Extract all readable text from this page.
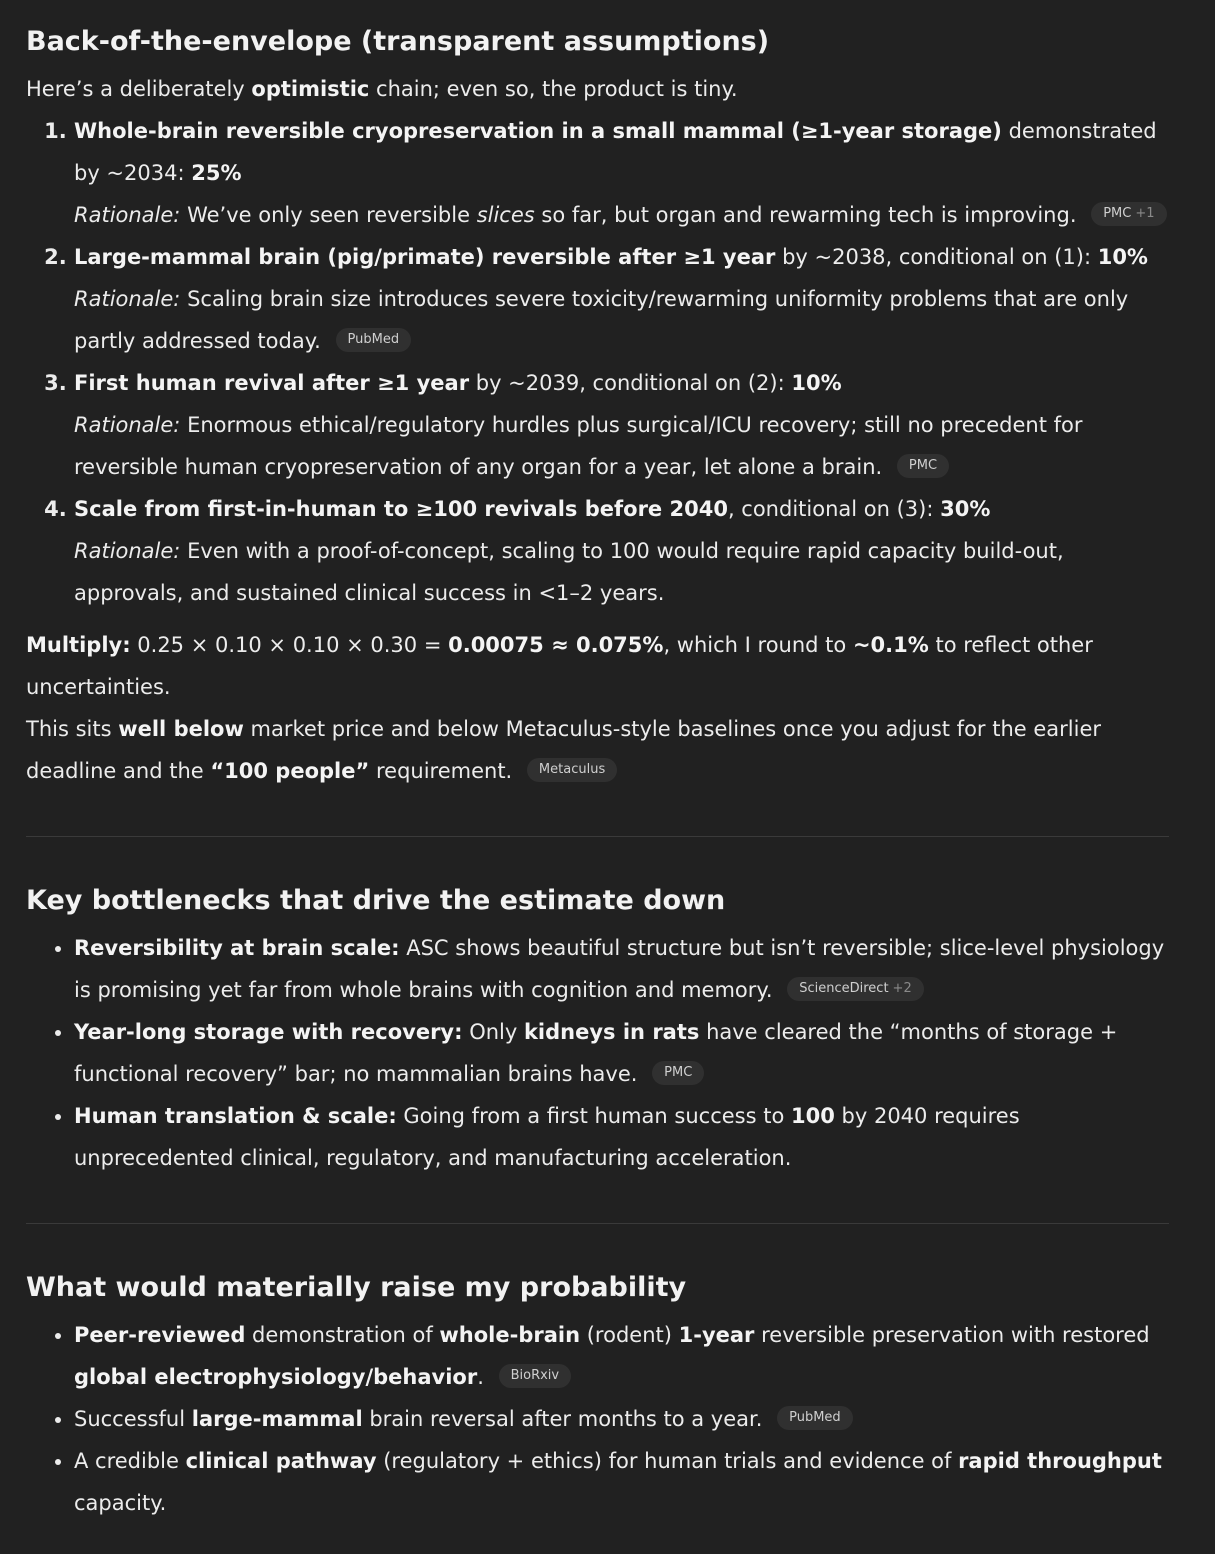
Back-of-the-envelope (transparent assumptions)

Here’s a deliberately optimistic chain; even so, the product is tiny.

1. Whole-brain reversible cryopreservation in a small mammal (≥1-year storage) demonstrated by ~2034: 25%
Rationale: We’ve only seen reversible slices so far, but organ and rewarming tech is improving. PMC +1
2. Large-mammal brain (pig/primate) reversible after ≥1 year by ~2038, conditional on (1): 10%
Rationale: Scaling brain size introduces severe toxicity/rewarming uniformity problems that are only partly addressed today. PubMed
3. First human revival after ≥1 year by ~2039, conditional on (2): 10%
Rationale: Enormous ethical/regulatory hurdles plus surgical/ICU recovery; still no precedent for reversible human cryopreservation of any organ for a year, let alone a brain. PMC
4. Scale from first-in-human to ≥100 revivals before 2040, conditional on (3): 30%
Rationale: Even with a proof-of-concept, scaling to 100 would require rapid capacity build-out, approvals, and sustained clinical success in <1–2 years.

Multiply: 0.25 × 0.10 × 0.10 × 0.30 = 0.00075 ≈ 0.075%, which I round to ~0.1% to reflect other uncertainties.

This sits well below market price and below Metaculus-style baselines once you adjust for the earlier deadline and the “100 people” requirement. Metaculus

Key bottlenecks that drive the estimate down
• Reversibility at brain scale: ASC shows beautiful structure but isn’t reversible; slice-level physiology is promising yet far from whole brains with cognition and memory. ScienceDirect +2
• Year-long storage with recovery: Only kidneys in rats have cleared the “months of storage + functional recovery” bar; no mammalian brains have. PMC
• Human translation & scale: Going from a first human success to 100 by 2040 requires unprecedented clinical, regulatory, and manufacturing acceleration.
What would materially raise my probability
• Peer-reviewed demonstration of whole-brain (rodent) 1-year reversible preservation with restored global electrophysiology/behavior. BioRxiv
• Successful large-mammal brain reversal after months to a year. PubMed
• A credible clinical pathway (regulatory + ethics) for human trials and evidence of rapid throughput capacity.
